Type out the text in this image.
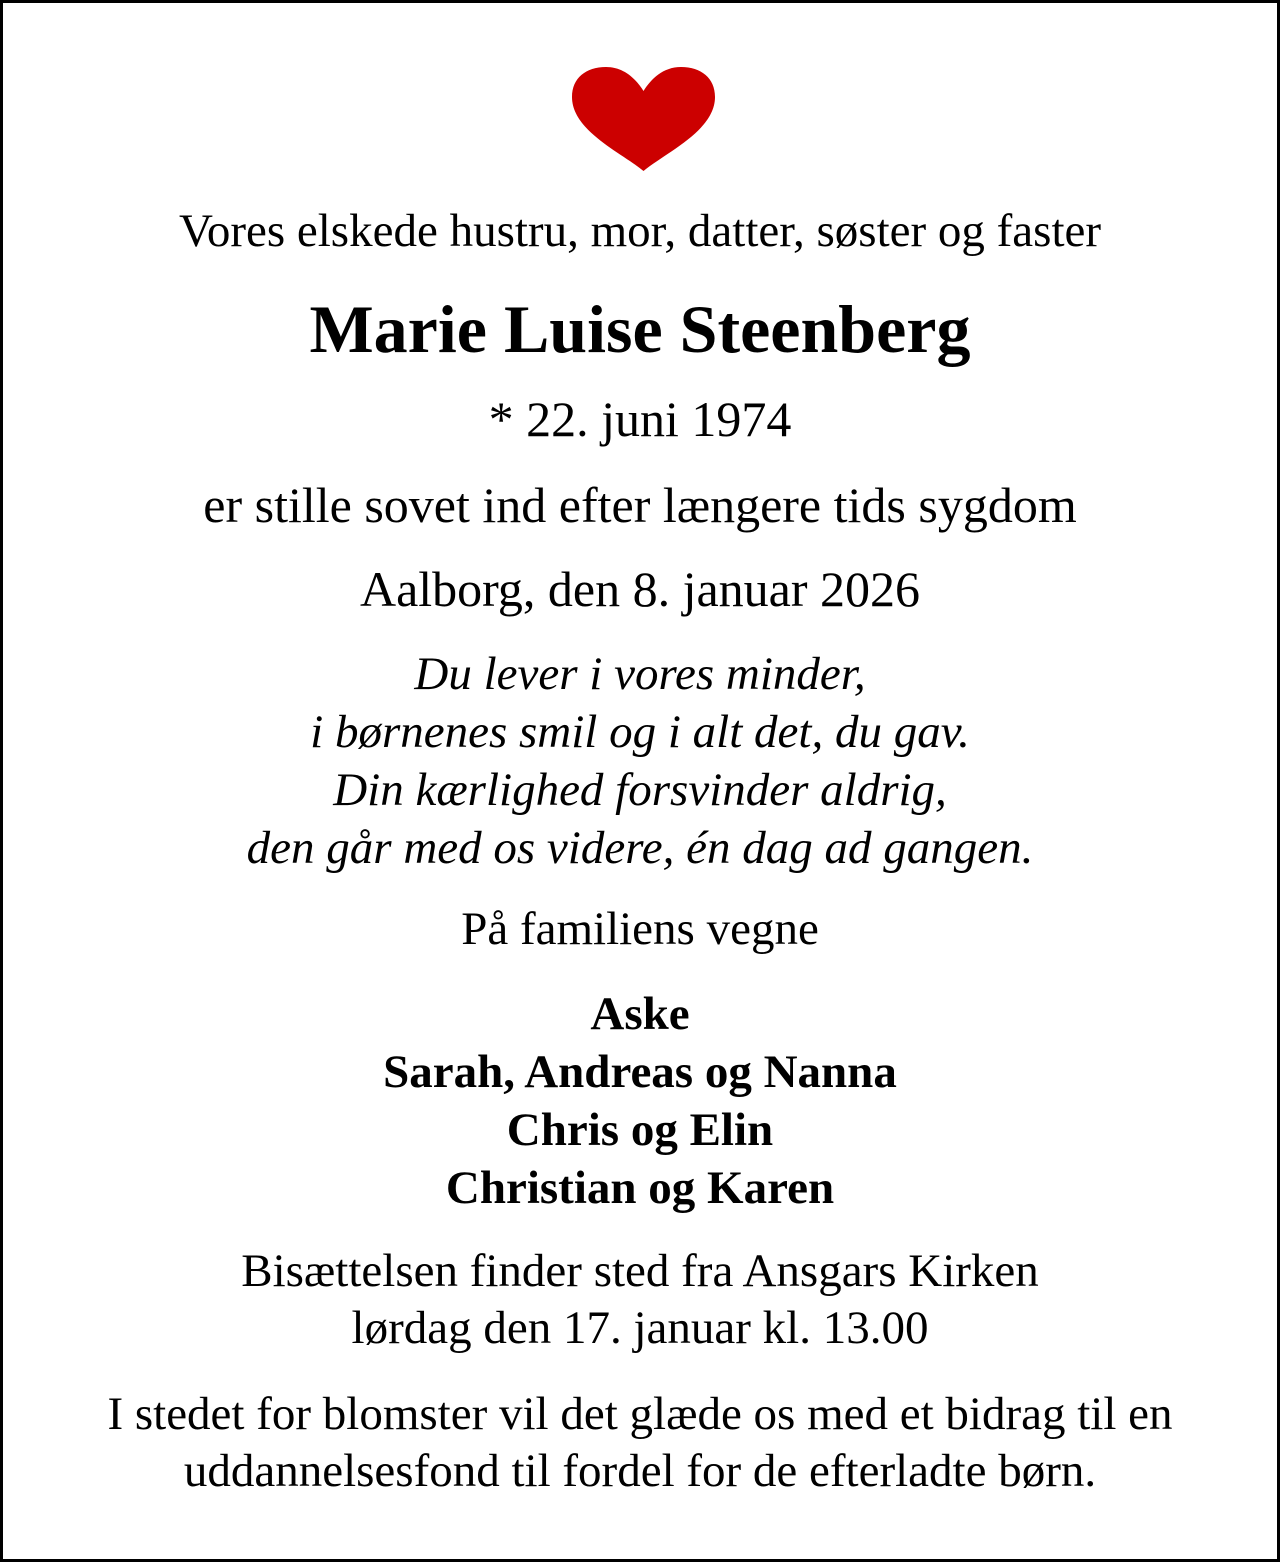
Vores elskede hustru, mor, datter, søster og faster
Marie Luise Steenberg
* 22. juni 1974
er stille sovet ind efter længere tids sygdom
Aalborg, den 8. januar 2026
Du lever i vores minder,
i børnenes smil og i alt det, du gav.
Din kærlighed forsvinder aldrig,
den går med os videre, én dag ad gangen.
På familiens vegne
Aske
Sarah, Andreas og Nanna
Chris og Elin
Christian og Karen
Bisættelsen finder sted fra Ansgars Kirken
lørdag den 17. januar kl. 13.00
I stedet for blomster vil det glæde os med et bidrag til en
uddannelsesfond til fordel for de efterladte børn.
